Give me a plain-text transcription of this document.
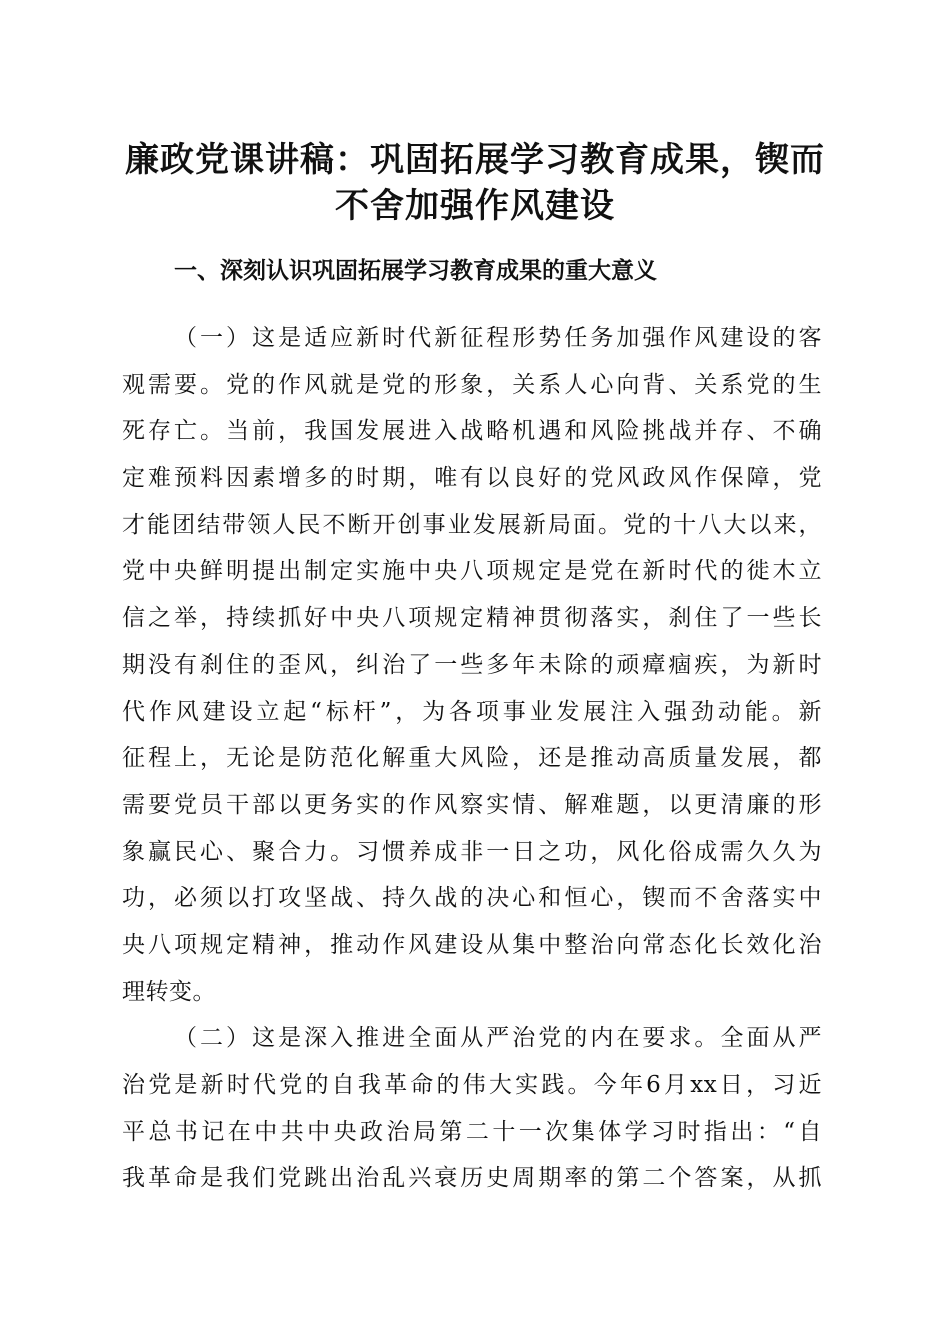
廉政党课讲稿：巩固拓展学习教育成果，锲而
不舍加强作风建设
一、深刻认识巩固拓展学习教育成果的重大意义
（一）这是适应新时代新征程形势任务加强作风建设的客
观需要。党的作风就是党的形象，关系人心向背、关系党的生
死存亡。当前，我国发展进入战略机遇和风险挑战并存、不确
定难预料因素增多的时期，唯有以良好的党风政风作保障，党
才能团结带领人民不断开创事业发展新局面。党的十八大以来，
党中央鲜明提出制定实施中央八项规定是党在新时代的徙木立
信之举，持续抓好中央八项规定精神贯彻落实，刹住了一些长
期没有刹住的歪风，纠治了一些多年未除的顽瘴痼疾，为新时
代作风建设立起“标杆”，为各项事业发展注入强劲动能。新
征程上，无论是防范化解重大风险，还是推动高质量发展，都
需要党员干部以更务实的作风察实情、解难题，以更清廉的形
象赢民心、聚合力。习惯养成非一日之功，风化俗成需久久为
功，必须以打攻坚战、持久战的决心和恒心，锲而不舍落实中
央八项规定精神，推动作风建设从集中整治向常态化长效化治
理转变。
（二）这是深入推进全面从严治党的内在要求。全面从严
治党是新时代党的自我革命的伟大实践。今年6月xx日，习近
平总书记在中共中央政治局第二十一次集体学习时指出：“自
我革命是我们党跳出治乱兴衰历史周期率的第二个答案，从抓
